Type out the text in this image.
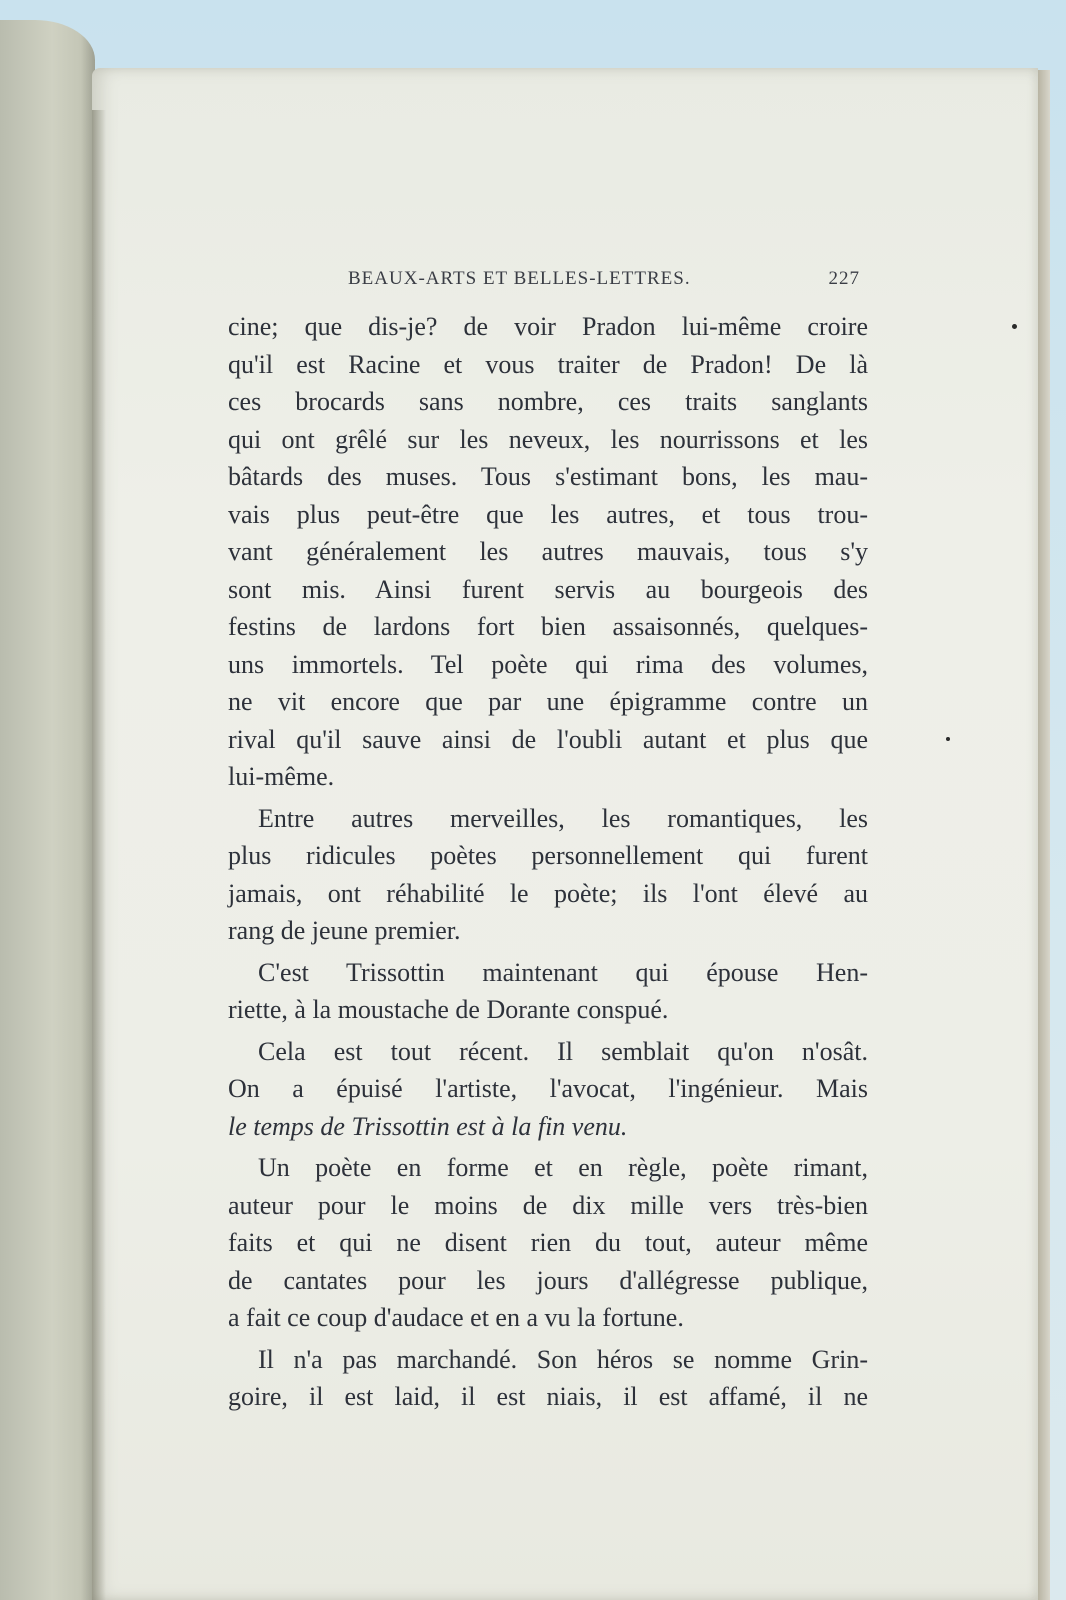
BEAUX-ARTS ET BELLES-LETTRES.	227
cine; que dis-je? de voir Pradon lui-même croire
qu'il est Racine et vous traiter de Pradon! De là
ces brocards sans nombre, ces traits sanglants
qui ont grêlé sur les neveux, les nourrissons et les
bâtards des muses. Tous s'estimant bons, les mau-
vais plus peut-être que les autres, et tous trou-
vant généralement les autres mauvais, tous s'y
sont mis. Ainsi furent servis au bourgeois des
festins de lardons fort bien assaisonnés, quelques-
uns immortels. Tel poète qui rima des volumes,
ne vit encore que par une épigramme contre un
rival qu'il sauve ainsi de l'oubli autant et plus que
lui-même.
Entre autres merveilles, les romantiques, les
plus ridicules poètes personnellement qui furent
jamais, ont réhabilité le poète; ils l'ont élevé au
rang de jeune premier.
C'est Trissottin maintenant qui épouse Hen-
riette, à la moustache de Dorante conspué.
Cela est tout récent. Il semblait qu'on n'osât.
On a épuisé l'artiste, l'avocat, l'ingénieur. Mais
le temps de Trissottin est à la fin venu.
Un poète en forme et en règle, poète rimant,
auteur pour le moins de dix mille vers très-bien
faits et qui ne disent rien du tout, auteur même
de cantates pour les jours d'allégresse publique,
a fait ce coup d'audace et en a vu la fortune.
Il n'a pas marchandé. Son héros se nomme Grin-
goire, il est laid, il est niais, il est affamé, il ne
